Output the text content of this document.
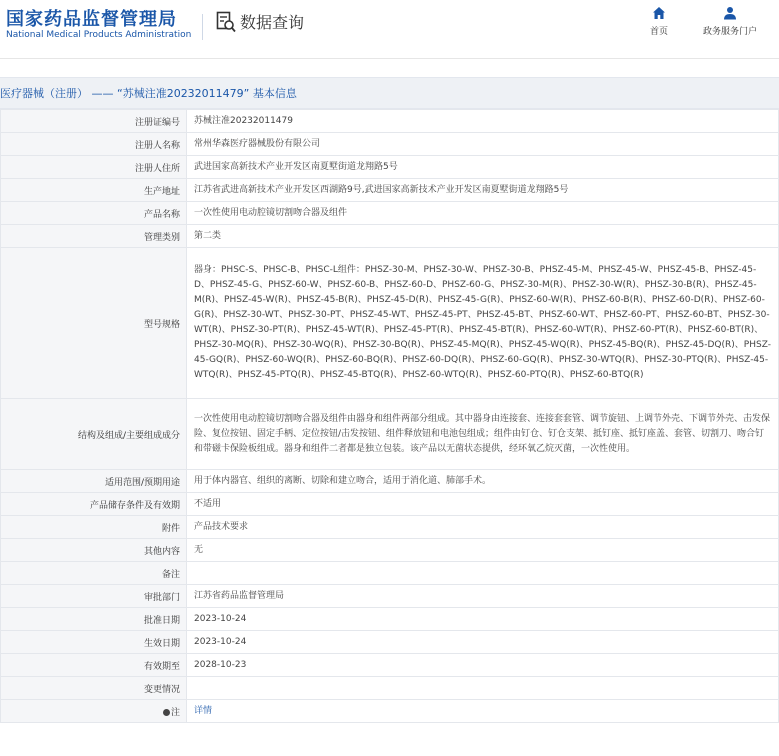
国家药品监督管理局
National Medical Products Administration
数据查询	首页	政务服务门户
医疗器械（注册） —— “苏械注准20232011479” 基本信息
注册证编号	苏械注准20232011479
注册人名称	常州华森医疗器械股份有限公司
注册人住所	武进国家高新技术产业开发区南夏墅街道龙翔路5号
生产地址	江苏省武进高新技术产业开发区西湖路9号,武进国家高新技术产业开发区南夏墅街道龙翔路5号
产品名称	一次性使用电动腔镜切割吻合器及组件
管理类别	第二类
型号规格	器身：PHSC-S、PHSC-B、PHSC-L组件：PHSZ-30-M、PHSZ-30-W、PHSZ-30-B、PHSZ-45-M、PHSZ-45-W、PHSZ-45-B、PHSZ-45-D、PHSZ-45-G、PHSZ-60-W、PHSZ-60-B、PHSZ-60-D、PHSZ-60-G、PHSZ-30-M(R)、PHSZ-30-W(R)、PHSZ-30-B(R)、PHSZ-45-M(R)、PHSZ-45-W(R)、PHSZ-45-B(R)、PHSZ-45-D(R)、PHSZ-45-G(R)、PHSZ-60-W(R)、PHSZ-60-B(R)、PHSZ-60-D(R)、PHSZ-60-G(R)、PHSZ-30-WT、PHSZ-30-PT、PHSZ-45-WT、PHSZ-45-PT、PHSZ-45-BT、PHSZ-60-WT、PHSZ-60-PT、PHSZ-60-BT、PHSZ-30-WT(R)、PHSZ-30-PT(R)、PHSZ-45-WT(R)、PHSZ-45-PT(R)、PHSZ-45-BT(R)、PHSZ-60-WT(R)、PHSZ-60-PT(R)、PHSZ-60-BT(R)、PHSZ-30-MQ(R)、PHSZ-30-WQ(R)、PHSZ-30-BQ(R)、PHSZ-45-MQ(R)、PHSZ-45-WQ(R)、PHSZ-45-BQ(R)、PHSZ-45-DQ(R)、PHSZ-45-GQ(R)、PHSZ-60-WQ(R)、PHSZ-60-BQ(R)、PHSZ-60-DQ(R)、PHSZ-60-GQ(R)、PHSZ-30-WTQ(R)、PHSZ-30-PTQ(R)、PHSZ-45-WTQ(R)、PHSZ-45-PTQ(R)、PHSZ-45-BTQ(R)、PHSZ-60-WTQ(R)、PHSZ-60-PTQ(R)、PHSZ-60-BTQ(R)
结构及组成/主要组成成分	一次性使用电动腔镜切割吻合器及组件由器身和组件两部分组成。其中器身由连接套、连接套套管、调节旋钮、上调节外壳、下调节外壳、击发保险、复位按钮、固定手柄、定位按钮/击发按钮、组件释放钮和电池包组成；组件由钉仓、钉仓支架、抵钉座、抵钉座盖、套管、切割刀、吻合钉和带磁卡保险板组成。器身和组件二者都是独立包装。该产品以无菌状态提供，经环氧乙烷灭菌，一次性使用。
适用范围/预期用途	用于体内器官、组织的离断、切除和建立吻合，适用于消化道、肺部手术。
产品储存条件及有效期	不适用
附件	产品技术要求
其他内容	无
备注	
审批部门	江苏省药品监督管理局
批准日期	2023-10-24
生效日期	2023-10-24
有效期至	2028-10-23
变更情况	
注	详情
